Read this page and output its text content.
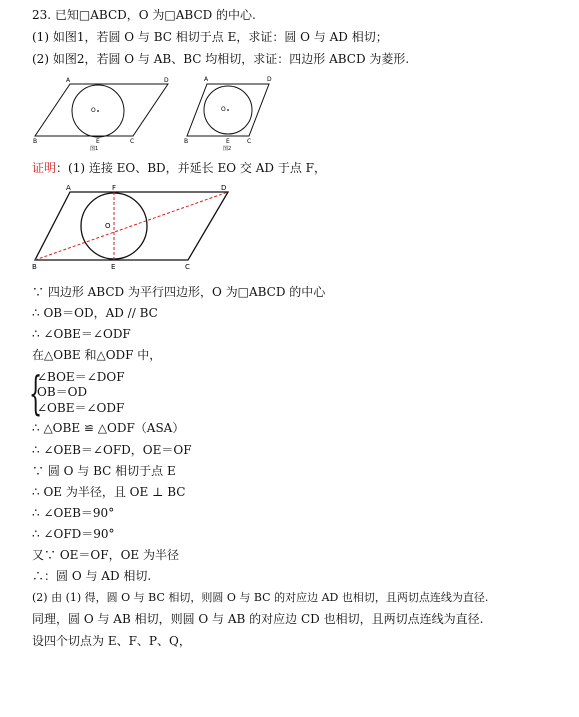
23. 已知□ABCD，O 为□ABCD 的中心.
(1) 如图1，若圆 O 与 BC 相切于点 E，求证：圆 O 与 AD 相切；
(2) 如图2，若圆 O 与 AB、BC 均相切，求证：四边形 ABCD 为菱形.
A	D
B	C
E
O
图1
A	D
B	C
E
O
图2
证明：(1) 连接 EO、BD，并延长 EO 交 AD 于点 F，
A	F	D
B	E	C
O
∵ 四边形 ABCD 为平行四边形，O 为□ABCD 的中心
∴ OB＝OD，AD // BC
∴ ∠OBE＝∠ODF
在△OBE 和△ODF 中，
{
∠BOE＝∠DOF
OB＝OD
∠OBE＝∠ODF
∴ △OBE ≌ △ODF（ASA）
∴ ∠OEB＝∠OFD，OE＝OF
∵ 圆 O 与 BC 相切于点 E
∴ OE 为半径，且 OE ⊥ BC
∴ ∠OEB＝90°
∴ ∠OFD＝90°
又∵ OE＝OF，OE 为半径
∴：圆 O 与 AD 相切.
(2) 由 (1) 得，圆 O 与 BC 相切，则圆 O 与 BC 的对应边 AD 也相切，且两切点连线为直径.
同理，圆 O 与 AB 相切，则圆 O 与 AB 的对应边 CD 也相切，且两切点连线为直径.
设四个切点为 E、F、P、Q，
